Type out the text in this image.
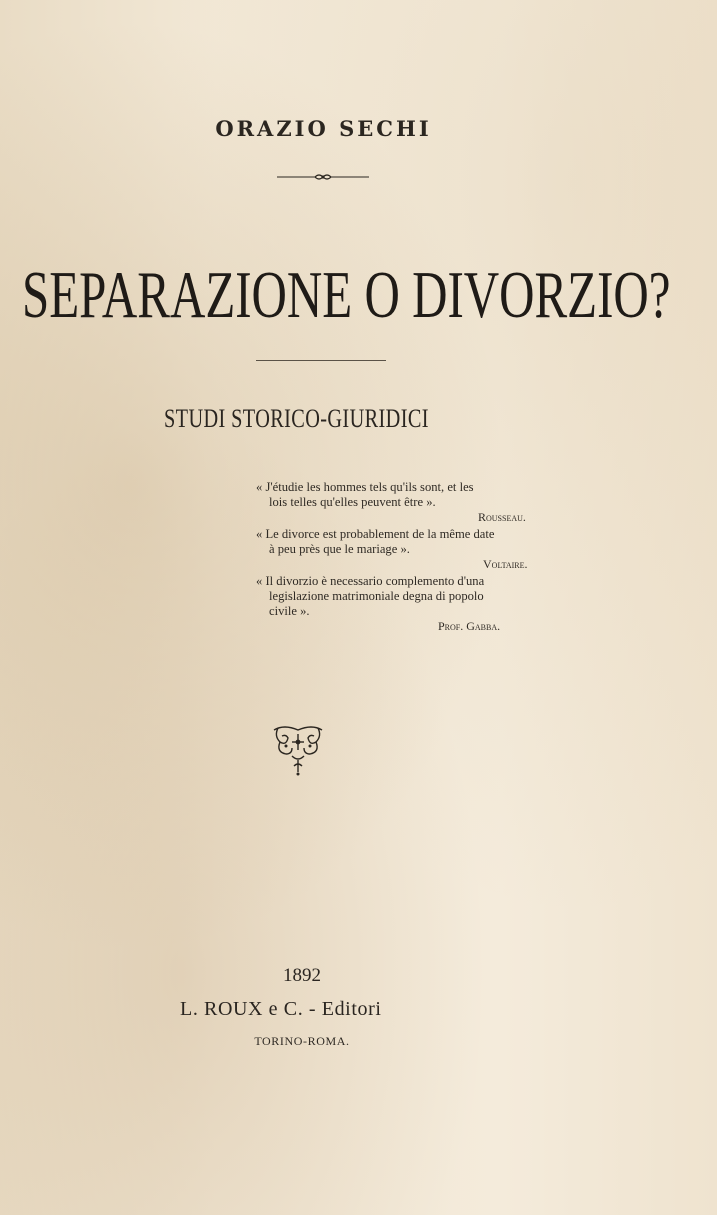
ORAZIO SECHI
SEPARAZIONE O DIVORZIO?
STUDI STORICO-GIURIDICI
« J'étudie les hommes tels qu'ils sont, et les
lois telles qu'elles peuvent être ».
Rousseau.
« Le divorce est probablement de la même date
à peu près que le mariage ».
Voltaire.
« Il divorzio è necessario complemento d'una
legislazione matrimoniale degna di popolo
civile ».
Prof. Gabba.
1892
L. ROUX e C. - Editori
TORINO-ROMA.
